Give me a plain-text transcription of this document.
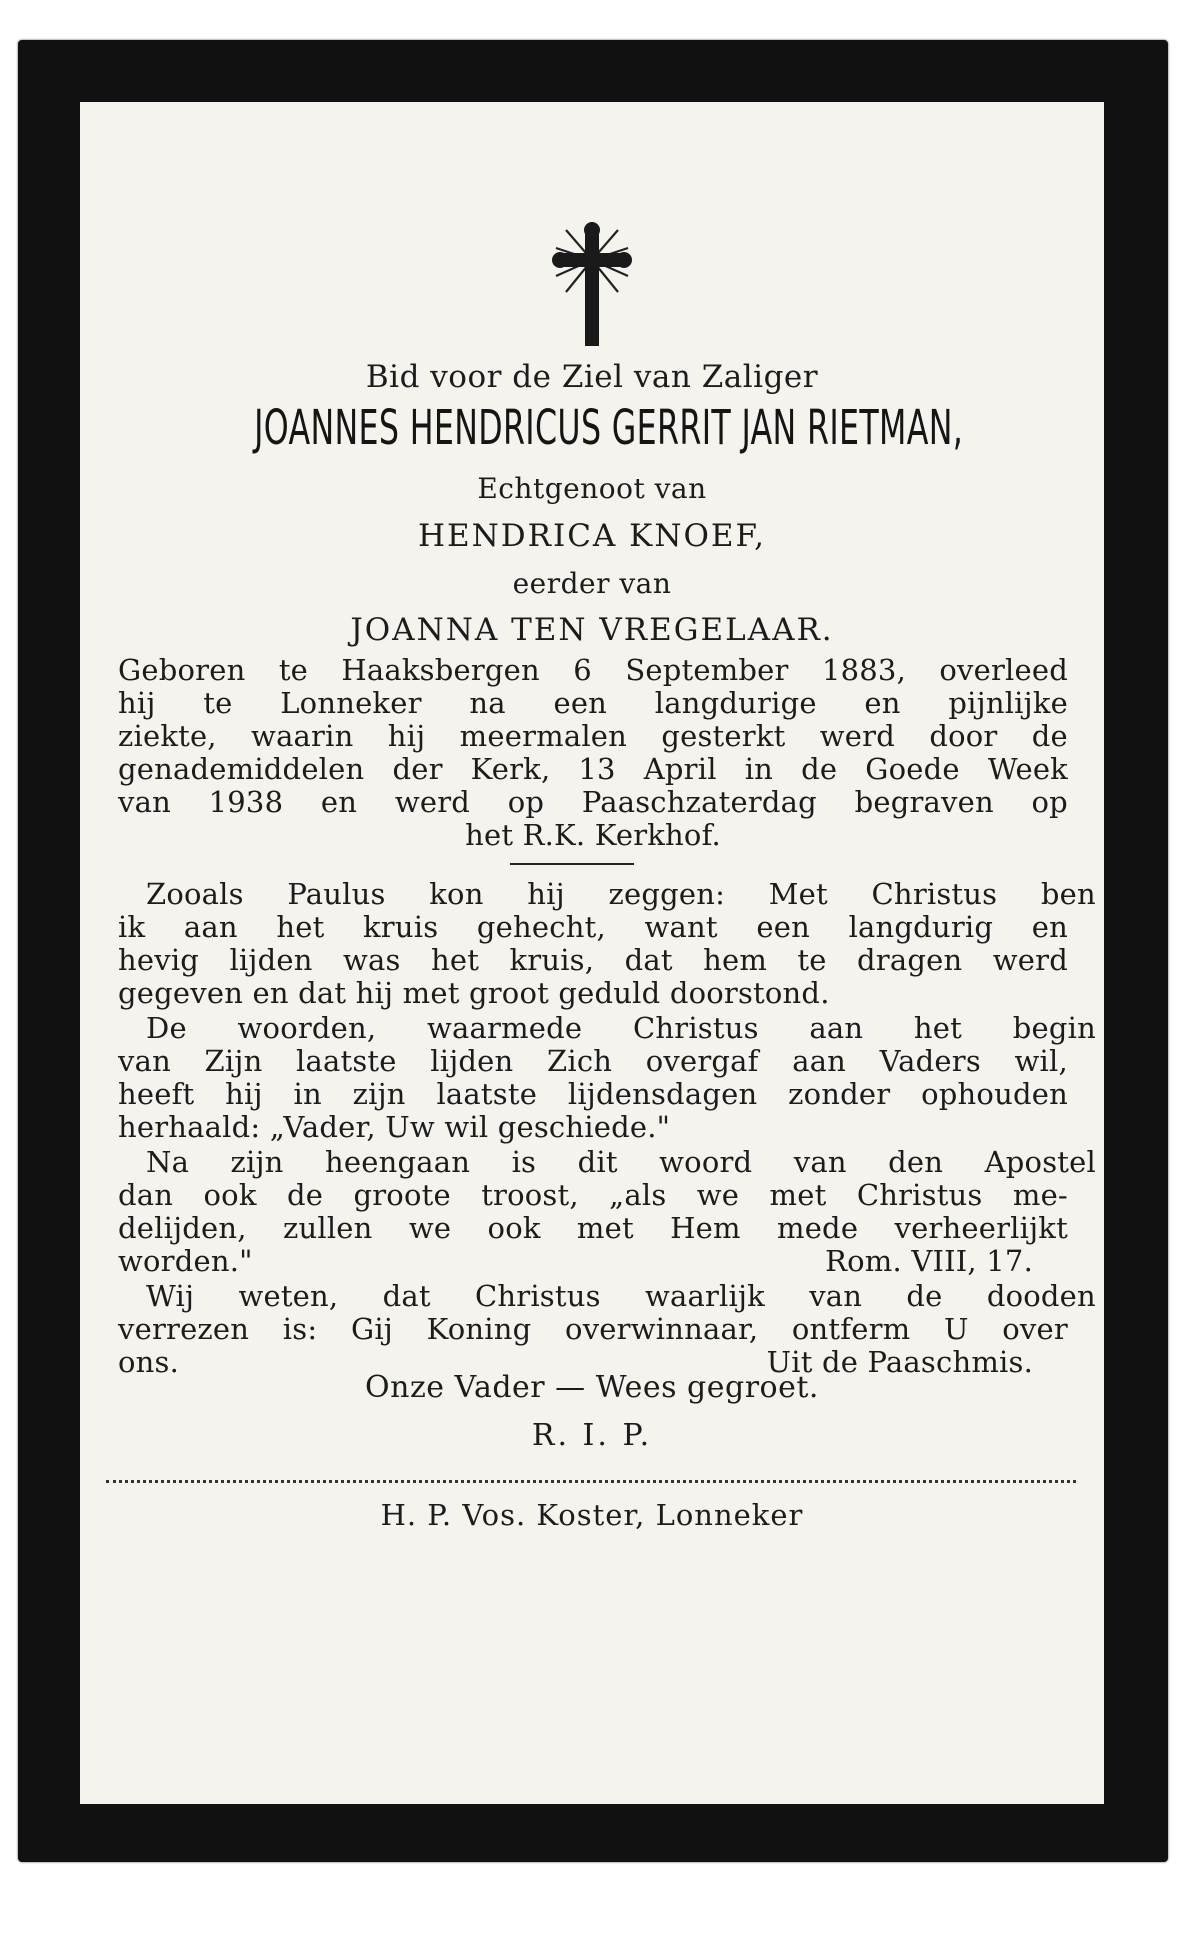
Bid voor de Ziel van Zaliger
JOANNES HENDRICUS GERRIT JAN RIETMAN,
Echtgenoot van
HENDRICA KNOEF,
eerder van
JOANNA TEN VREGELAAR.
Geboren te Haaksbergen 6 September 1883, overleed
hij te Lonneker na een langdurige en pijnlijke
ziekte, waarin hij meermalen gesterkt werd door de
genademiddelen der Kerk, 13 April in de Goede Week
van 1938 en werd op Paaschzaterdag begraven op
het R.K. Kerkhof.
Zooals Paulus kon hij zeggen: Met Christus ben
ik aan het kruis gehecht, want een langdurig en
hevig lijden was het kruis, dat hem te dragen werd
gegeven en dat hij met groot geduld doorstond.
De woorden, waarmede Christus aan het begin
van Zijn laatste lijden Zich overgaf aan Vaders wil,
heeft hij in zijn laatste lijdensdagen zonder ophouden
herhaald: „Vader, Uw wil geschiede."
Na zijn heengaan is dit woord van den Apostel
dan ook de groote troost, „als we met Christus me-
delijden, zullen we ook met Hem mede verheerlijkt
worden."	Rom. VIII, 17.
Wij weten, dat Christus waarlijk van de dooden
verrezen is: Gij Koning overwinnaar, ontferm U over
ons.	Uit de Paaschmis.
Onze Vader — Wees gegroet.
R. I. P.
H. P. Vos. Koster, Lonneker
